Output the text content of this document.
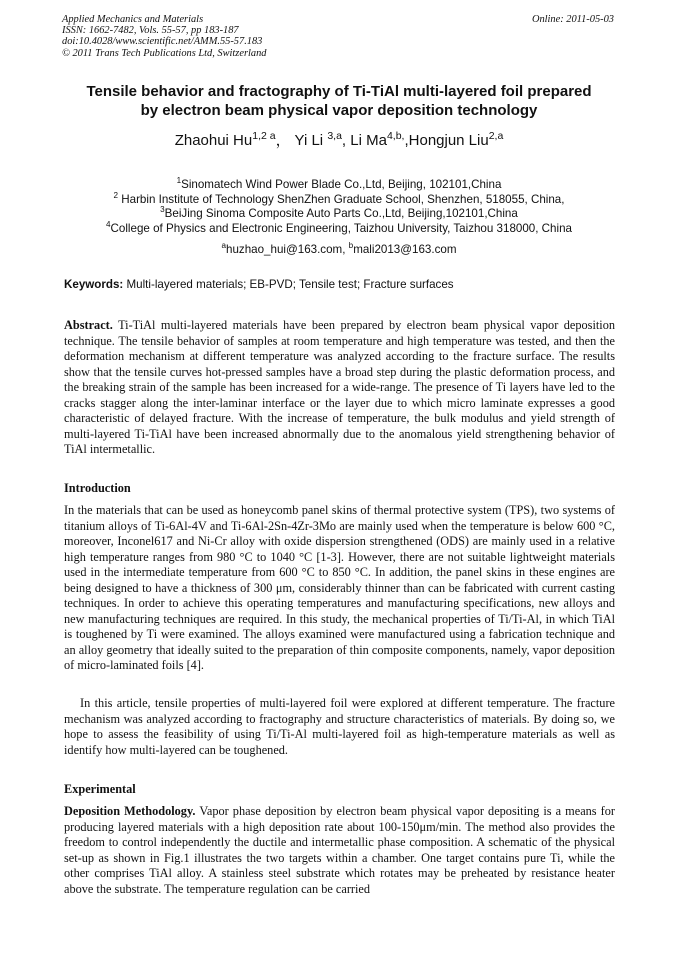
Applied Mechanics and Materials
ISSN: 1662-7482, Vols. 55-57, pp 183-187
doi:10.4028/www.scientific.net/AMM.55-57.183
© 2011 Trans Tech Publications Ltd, Switzerland
Online: 2011-05-03
Tensile behavior and fractography of Ti-TiAl multi-layered foil prepared
by electron beam physical vapor deposition technology
Zhaohui $Hu^{1,2 a}$， Yi Li $^{3,a}$, Li $Ma^{4,b,},Hongjun$ Liu$^{2,a}$
$^1$Sinomatech Wind Power Blade Co.,Ltd, Beijing, 102101,China
$^2$ Harbin Institute of Technology ShenZhen Graduate School, Shenzhen, 518055, China,
$^3$BeiJing Sinoma Composite Auto Parts Co.,Ltd, Beijing,102101,China
$^4$College of Physics and Electronic Engineering, Taizhou University, Taizhou 318000, China
$^a$huzhao_hui@163.com, $^b$mali2013@163.com
Keywords: Multi-layered materials; EB-PVD; Tensile test; Fracture surfaces
Abstract. Ti-TiAl multi-layered materials have been prepared by electron beam physical vapor deposition technique. The tensile behavior of samples at room temperature and high temperature was tested, and then the deformation mechanism at different temperature was analyzed according to the fracture surface. The results show that the tensile curves hot-pressed samples have a broad step during the plastic deformation process, and the breaking strain of the sample has been increased for a wide-range. The presence of Ti layers have led to the cracks stagger along the inter-laminar interface or the layer due to which micro laminate expresses a good characteristic of delayed fracture. With the increase of temperature, the bulk modulus and yield strength of multi-layered Ti-TiAl have been increased abnormally due to the anomalous yield strengthening behavior of TiAl intermetallic.
Introduction
In the materials that can be used as honeycomb panel skins of thermal protective system (TPS), two systems of titanium alloys of Ti-6Al-4V and Ti-6Al-2Sn-4Zr-3Mo are mainly used when the temperature is below 600 °C, moreover, Inconel617 and Ni-Cr alloy with oxide dispersion strengthened (ODS) are mainly used in a relative high temperature ranges from 980 °C to 1040 °C [1-3]. However, there are not suitable lightweight materials used in the intermediate temperature from 600 °C to 850 °C. In addition, the panel skins in these engines are being designed to have a thickness of 300 μm, considerably thinner than can be fabricated with current casting techniques. In order to achieve this operating temperatures and manufacturing specifications, new alloys and new manufacturing techniques are required. In this study, the mechanical properties of Ti/Ti-Al, in which TiAl is toughened by Ti were examined. The alloys examined were manufactured using a fabrication technique and an alloy geometry that ideally suited to the preparation of thin composite components, namely, vapor deposition of micro-laminated foils [4].
In this article, tensile properties of multi-layered foil were explored at different temperature. The fracture mechanism was analyzed according to fractography and structure characteristics of materials. By doing so, we hope to assess the feasibility of using Ti/Ti-Al multi-layered foil as high-temperature materials as well as identify how multi-layered can be toughened.
Experimental
Deposition Methodology. Vapor phase deposition by electron beam physical vapor depositing is a means for producing layered materials with a high deposition rate about 100-150μm/min. The method also provides the freedom to control independently the ductile and intermetallic phase composition. A schematic of the physical set-up as shown in Fig.1 illustrates the two targets within a chamber. One target contains pure Ti, while the other comprises TiAl alloy. A stainless steel substrate which rotates may be preheated by resistance heater above the substrate. The temperature regulation can be carried
